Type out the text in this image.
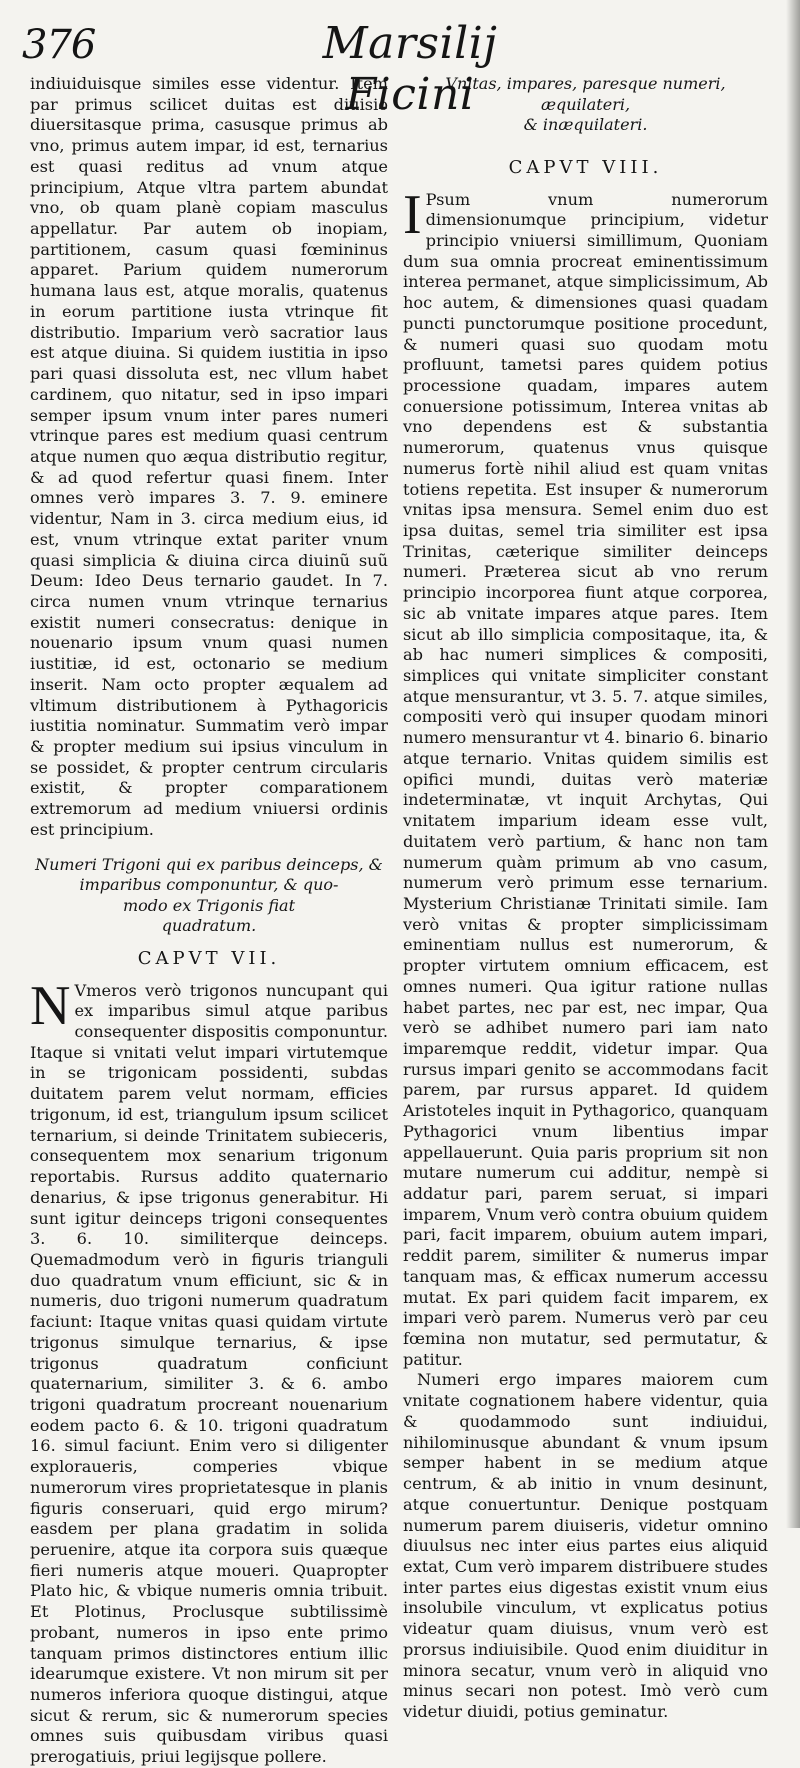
376	Marsilij Ficini

indiuiduisque similes esse videntur. Item par primus scilicet duitas est diuisio diuersitasque prima, casusque primus ab vno, primus autem impar, id est, ternarius est quasi reditus ad vnum atque principium, Atque vltra partem abundat vno, ob quam planè copiam masculus appellatur. Par autem ob inopiam, partitionem, casum quasi fœmininus apparet. Parium quidem numerorum humana laus est, atque moralis, quatenus in eorum partitione iusta vtrinque fit distributio. Imparium verò sacratior laus est atque diuina. Si quidem iustitia in ipso pari quasi dissoluta est, nec vllum habet cardinem, quo nitatur, sed in ipso impari semper ipsum vnum inter pares numeri vtrinque pares est medium quasi centrum atque numen quo æqua distributio regitur, & ad quod refertur quasi finem. Inter omnes verò impares 3. 7. 9. eminere videntur, Nam in 3. circa medium eius, id est, vnum vtrinque extat pariter vnum quasi simplicia & diuina circa diuinũ suũ Deum: Ideo Deus ternario gaudet. In 7. circa numen vnum vtrinque ternarius existit numeri consecratus: denique in nouenario ipsum vnum quasi numen iustitiæ, id est, octonario se medium inserit. Nam octo propter æqualem ad vltimum distributionem à Pythagoricis iustitia nominatur. Summatim verò impar & propter medium sui ipsius vinculum in se possidet, & propter centrum circularis existit, & propter comparationem extremorum ad medium vniuersi ordinis est principium.

Numeri Trigoni qui ex paribus deinceps, &
imparibus componuntur, & quo-
modo ex Trigonis fiat
quadratum.
CAPVT VII.

N Vmeros verò trigonos nuncupant qui ex imparibus simul atque paribus consequenter dispositis componuntur. Itaque si vnitati velut impari virtutemque in se trigonicam possidenti, subdas duitatem parem velut normam, efficies trigonum, id est, triangulum ipsum scilicet ternarium, si deinde Trinitatem subieceris, consequentem mox senarium trigonum reportabis. Rursus addito quaternario denarius, & ipse trigonus generabitur. Hi sunt igitur deinceps trigoni consequentes 3. 6. 10. similiterque deinceps. Quemadmodum verò in figuris trianguli duo quadratum vnum efficiunt, sic & in numeris, duo trigoni numerum quadratum faciunt: Itaque vnitas quasi quidam virtute trigonus simulque ternarius, & ipse trigonus quadratum conficiunt quaternarium, similiter 3. & 6. ambo trigoni quadratum procreant nouenarium eodem pacto 6. & 10. trigoni quadratum 16. simul faciunt. Enim vero si diligenter exploraueris, comperies vbique numerorum vires proprietatesque in planis figuris conseruari, quid ergo mirum? easdem per plana gradatim in solida peruenire, atque ita corpora suis quæque fieri numeris atque moueri. Quapropter Plato hic, & vbique numeris omnia tribuit. Et Plotinus, Proclusque subtilissimè probant, numeros in ipso ente primo tanquam primos distinctores entium illic idearumque existere. Vt non mirum sit per numeros inferiora quoque distingui, atque sicut & rerum, sic & numerorum species omnes suis quibusdam viribus quasi prerogatiuis, priui legijsque pollere.

Vnitas, impares, paresque numeri, æquilateri,
& inæquilateri.
CAPVT VIII.

I Psum vnum numerorum dimensionumque principium, videtur principio vniuersi simillimum, Quoniam dum sua omnia procreat eminentissimum interea permanet, atque simplicissimum, Ab hoc autem, & dimensiones quasi quadam puncti punctorumque positione procedunt, & numeri quasi suo quodam motu profluunt, tametsi pares quidem potius processione quadam, impares autem conuersione potissimum, Interea vnitas ab vno dependens est & substantia numerorum, quatenus vnus quisque numerus fortè nihil aliud est quam vnitas totiens repetita. Est insuper & numerorum vnitas ipsa mensura. Semel enim duo est ipsa duitas, semel tria similiter est ipsa Trinitas, cæterique similiter deinceps numeri. Præterea sicut ab vno rerum principio incorporea fiunt atque corporea, sic ab vnitate impares atque pares. Item sicut ab illo simplicia compositaque, ita, & ab hac numeri simplices & compositi, simplices qui vnitate simpliciter constant atque mensurantur, vt 3. 5. 7. atque similes, compositi verò qui insuper quodam minori numero mensurantur vt 4. binario 6. binario atque ternario. Vnitas quidem similis est opifici mundi, duitas verò materiæ indeterminatæ, vt inquit Archytas, Qui vnitatem imparium ideam esse vult, duitatem verò partium, & hanc non tam numerum quàm primum ab vno casum, numerum verò primum esse ternarium. Mysterium Christianæ Trinitati simile. Iam verò vnitas & propter simplicissimam eminentiam nullus est numerorum, & propter virtutem omnium efficacem, est omnes numeri. Qua igitur ratione nullas habet partes, nec par est, nec impar, Qua verò se adhibet numero pari iam nato imparemque reddit, videtur impar. Qua rursus impari genito se accommodans facit parem, par rursus apparet. Id quidem Aristoteles inquit in Pythagorico, quanquam Pythagorici vnum libentius impar appellauerunt. Quia paris proprium sit non mutare numerum cui additur, nempè si addatur pari, parem seruat, si impari imparem, Vnum verò contra obuium quidem pari, facit imparem, obuium autem impari, reddit parem, similiter & numerus impar tanquam mas, & efficax numerum accessu mutat. Ex pari quidem facit imparem, ex impari verò parem. Numerus verò par ceu fœmina non mutatur, sed permutatur, & patitur.

Numeri ergo impares maiorem cum vnitate cognationem habere videntur, quia & quodammodo sunt indiuidui, nihilominusque abundant & vnum ipsum semper habent in se medium atque centrum, & ab initio in vnum desinunt, atque conuertuntur. Denique postquam numerum parem diuiseris, videtur omnino diuulsus nec inter eius partes eius aliquid extat, Cum verò imparem distribuere studes inter partes eius digestas existit vnum eius insolubile vinculum, vt explicatus potius videatur quam diuisus, vnum verò est prorsus indiuisibile. Quod enim diuiditur in minora secatur, vnum verò in aliquid vno minus secari non potest. Imò verò cum videtur diuidi, potius geminatur.
